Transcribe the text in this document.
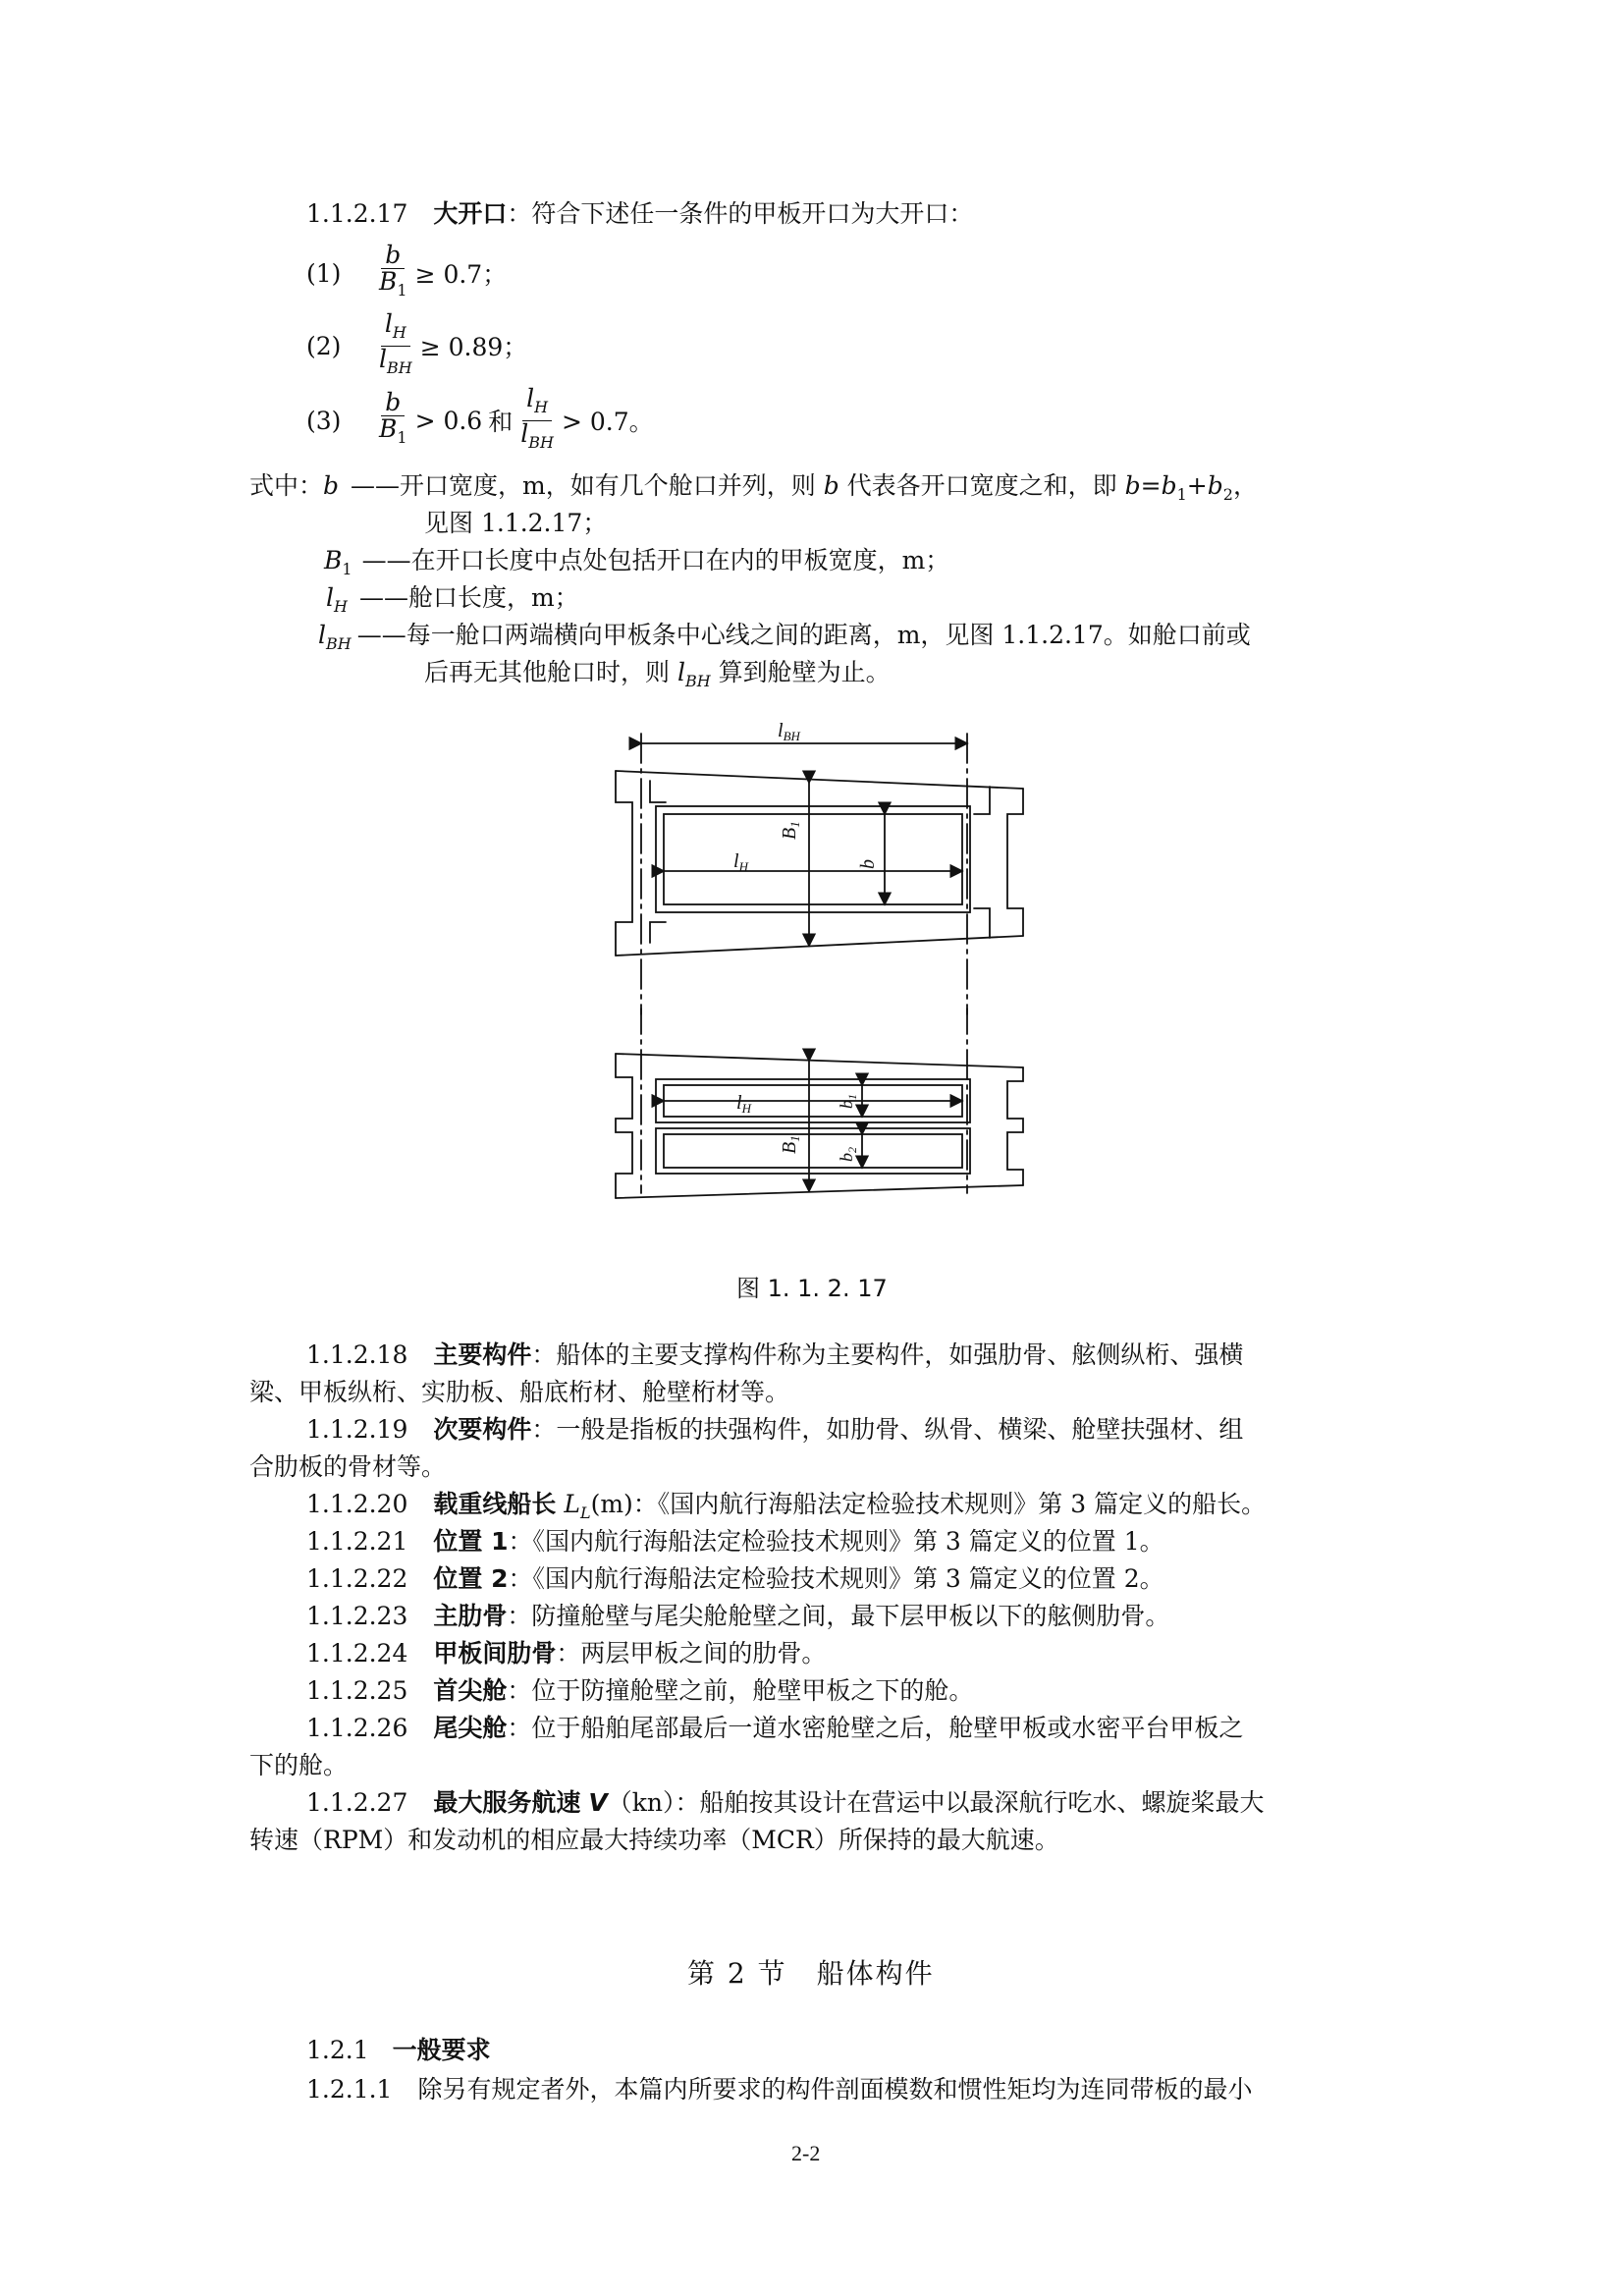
1.1.2.17 大开口：符合下述任一条件的甲板开口为大开口：
(1)	$\frac{b}{B_1} \ge 0.7$；
(2)	$\frac{l_H}{l_{BH}} \ge 0.89$；
(3)	$\frac{b}{B_1} > 0.6$ 和 $\frac{l_H}{l_{BH}} > 0.7$。
式中：b ——开口宽度，m，如有几个舱口并列，则 b 代表各开口宽度之和，即 $b=b_1+b_2$，
见图 1.1.2.17；
$B_1$ ——在开口长度中点处包括开口在内的甲板宽度，m；
$l_H$ ——舱口长度，m；
$l_{BH}$ ——每一舱口两端横向甲板条中心线之间的距离，m，见图 1.1.2.17。如舱口前或
后再无其他舱口时，则 $l_{BH}$ 算到舱壁为止。
$l_{BH}$
$l_H$
$B_1$
b
$l_H$
$B_1$
$b_1$
$b_2$
图 1. 1. 2. 17
1.1.2.18 主要构件：船体的主要支撑构件称为主要构件，如强肋骨、舷侧纵桁、强横
梁、甲板纵桁、实肋板、船底桁材、舱壁桁材等。
1.1.2.19 次要构件：一般是指板的扶强构件，如肋骨、纵骨、横梁、舱壁扶强材、组
合肋板的骨材等。
1.1.2.20 载重线船长 $L_L(m)$：《国内航行海船法定检验技术规则》第 3 篇定义的船长。
1.1.2.21 位置 1：《国内航行海船法定检验技术规则》第 3 篇定义的位置 1。
1.1.2.22 位置 2：《国内航行海船法定检验技术规则》第 3 篇定义的位置 2。
1.1.2.23 主肋骨：防撞舱壁与尾尖舱舱壁之间，最下层甲板以下的舷侧肋骨。
1.1.2.24 甲板间肋骨：两层甲板之间的肋骨。
1.1.2.25 首尖舱：位于防撞舱壁之前，舱壁甲板之下的舱。
1.1.2.26 尾尖舱：位于船舶尾部最后一道水密舱壁之后，舱壁甲板或水密平台甲板之
下的舱。
1.1.2.27 最大服务航速 V（kn）：船舶按其设计在营运中以最深航行吃水、螺旋桨最大
转速（RPM）和发动机的相应最大持续功率（MCR）所保持的最大航速。
第 2 节　船体构件
1.2.1 一般要求
1.2.1.1 除另有规定者外，本篇内所要求的构件剖面模数和惯性矩均为连同带板的最小
2-2
